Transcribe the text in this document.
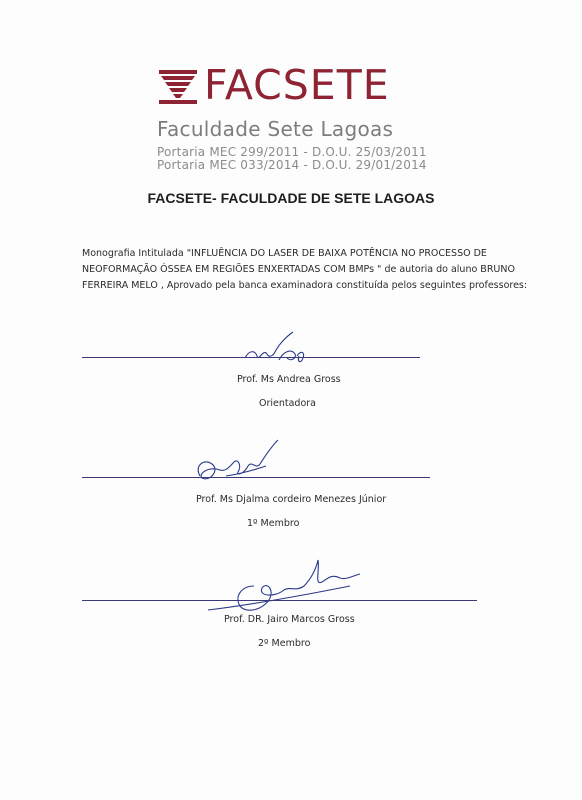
FACSETE
Faculdade Sete Lagoas
Portaria MEC 299/2011 - D.O.U. 25/03/2011
Portaria MEC 033/2014 - D.O.U. 29/01/2014
FACSETE- FACULDADE DE SETE LAGOAS
Monografia Intitulada "INFLUÊNCIA DO LASER DE BAIXA POTÊNCIA NO PROCESSO DE
NEOFORMAÇÃO ÓSSEA EM REGIÕES ENXERTADAS COM BMPs " de autoria do aluno BRUNO
FERREIRA MELO , Aprovado pela banca examinadora constituída pelos seguintes professores:
Prof. Ms Andrea Gross
Orientadora
Prof. Ms Djalma cordeiro Menezes Júnior
1º Membro
Prof. DR. Jairo Marcos Gross
2º Membro
